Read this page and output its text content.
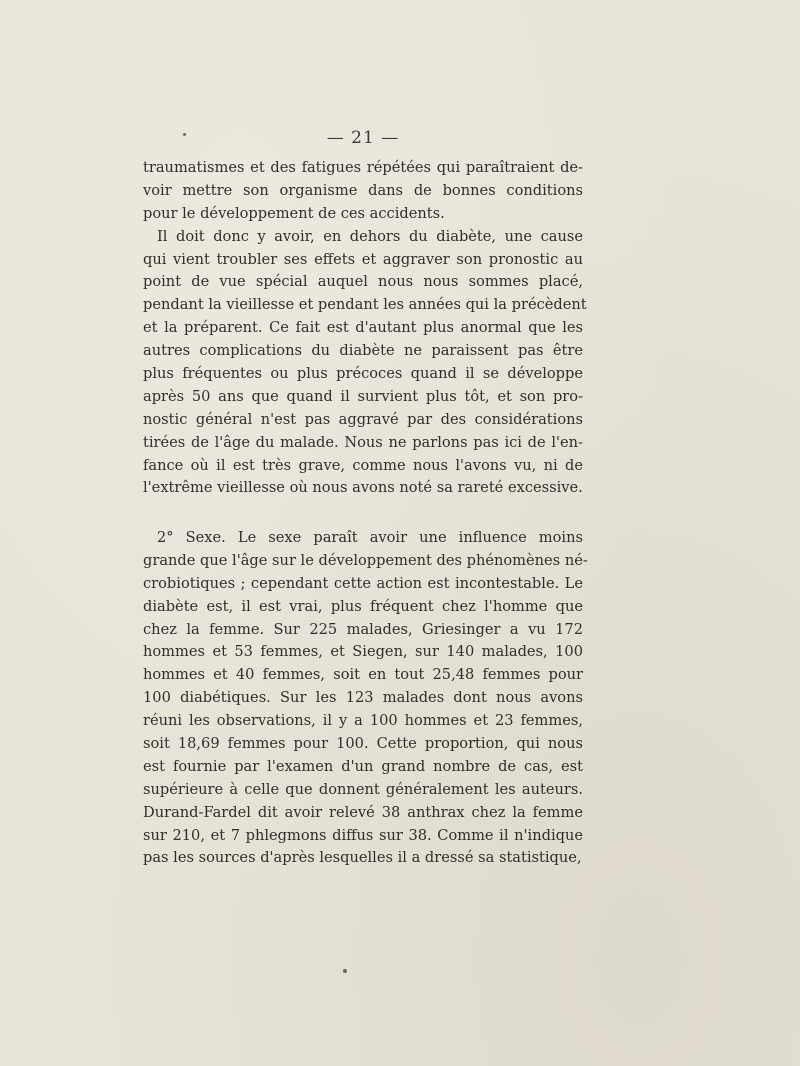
— 21 —
traumatismes et des fatigues répétées qui paraîtraient de-
voir mettre son organisme dans de bonnes conditions
pour le développement de ces accidents.
Il doit donc y avoir, en dehors du diabète, une cause
qui vient troubler ses effets et aggraver son pronostic au
point de vue spécial auquel nous nous sommes placé,
pendant la vieillesse et pendant les années qui la précèdent
et la préparent. Ce fait est d'autant plus anormal que les
autres complications du diabète ne paraissent pas être
plus fréquentes ou plus précoces quand il se développe
après 50 ans que quand il survient plus tôt, et son pro-
nostic général n'est pas aggravé par des considérations
tirées de l'âge du malade. Nous ne parlons pas ici de l'en-
fance où il est très grave, comme nous l'avons vu, ni de
l'extrême vieillesse où nous avons noté sa rareté excessive.
2° Sexe. Le sexe paraît avoir une influence moins
grande que l'âge sur le développement des phénomènes né-
crobiotiques ; cependant cette action est incontestable. Le
diabète est, il est vrai, plus fréquent chez l'homme que
chez la femme. Sur 225 malades, Griesinger a vu 172
hommes et 53 femmes, et Siegen, sur 140 malades, 100
hommes et 40 femmes, soit en tout 25,48 femmes pour
100 diabétiques. Sur les 123 malades dont nous avons
réuni les observations, il y a 100 hommes et 23 femmes,
soit 18,69 femmes pour 100. Cette proportion, qui nous
est fournie par l'examen d'un grand nombre de cas, est
supérieure à celle que donnent généralement les auteurs.
Durand-Fardel dit avoir relevé 38 anthrax chez la femme
sur 210, et 7 phlegmons diffus sur 38. Comme il n'indique
pas les sources d'après lesquelles il a dressé sa statistique,
